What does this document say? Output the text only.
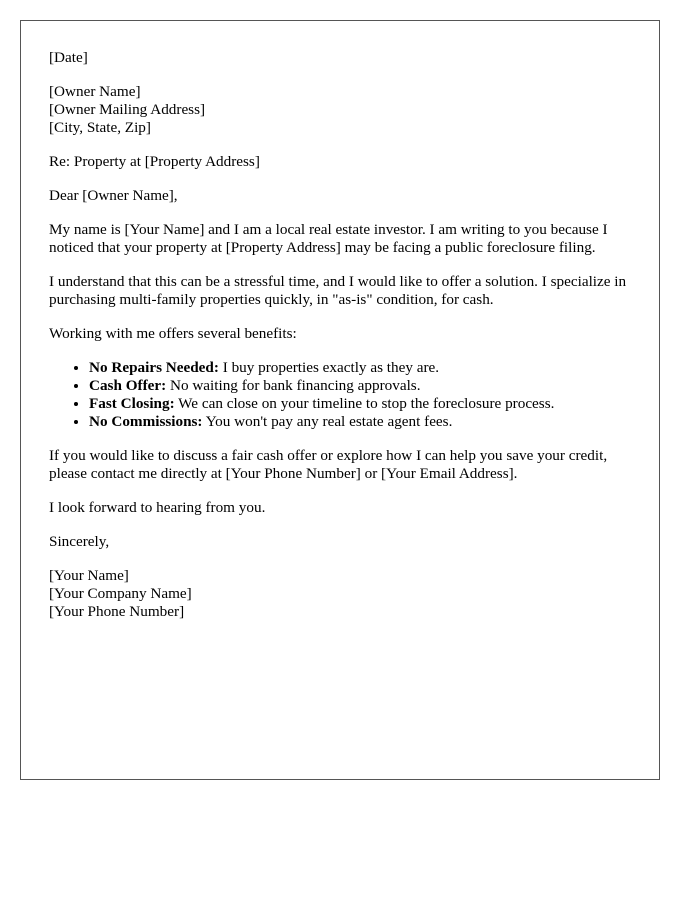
[Date]
[Owner Name]
[Owner Mailing Address]
[City, State, Zip]
Re: Property at [Property Address]
Dear [Owner Name],
My name is [Your Name] and I am a local real estate investor. I am writing to you because I noticed that your property at [Property Address] may be facing a public foreclosure filing.
I understand that this can be a stressful time, and I would like to offer a solution. I specialize in purchasing multi-family properties quickly, in "as-is" condition, for cash.
Working with me offers several benefits:
• No Repairs Needed: I buy properties exactly as they are.
• Cash Offer: No waiting for bank financing approvals.
• Fast Closing: We can close on your timeline to stop the foreclosure process.
• No Commissions: You won't pay any real estate agent fees.
If you would like to discuss a fair cash offer or explore how I can help you save your credit, please contact me directly at [Your Phone Number] or [Your Email Address].
I look forward to hearing from you.
Sincerely,
[Your Name]
[Your Company Name]
[Your Phone Number]
